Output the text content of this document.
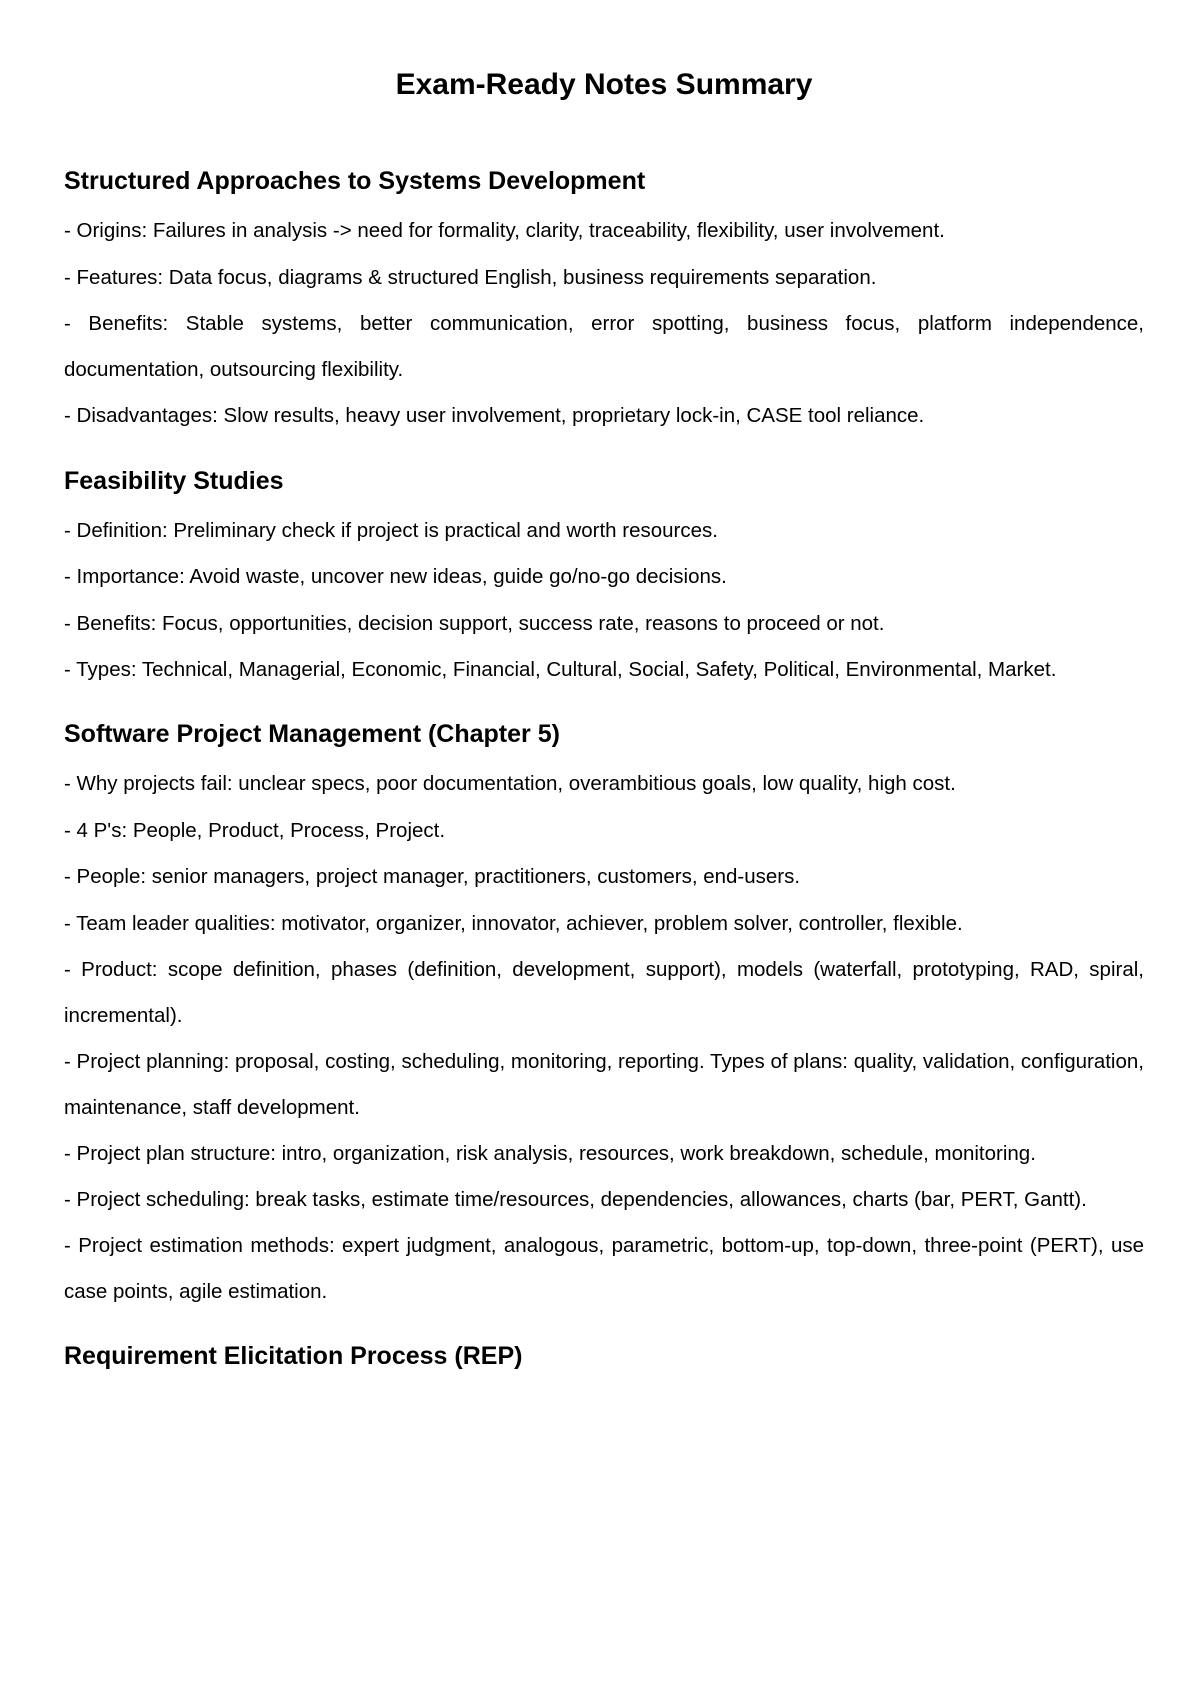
Exam-Ready Notes Summary
Structured Approaches to Systems Development

- Origins: Failures in analysis -> need for formality, clarity, traceability, flexibility, user involvement.

- Features: Data focus, diagrams & structured English, business requirements separation.

- Benefits: Stable systems, better communication, error spotting, business focus, platform independence, documentation, outsourcing flexibility.

- Disadvantages: Slow results, heavy user involvement, proprietary lock-in, CASE tool reliance.

Feasibility Studies

- Definition: Preliminary check if project is practical and worth resources.

- Importance: Avoid waste, uncover new ideas, guide go/no-go decisions.

- Benefits: Focus, opportunities, decision support, success rate, reasons to proceed or not.

- Types: Technical, Managerial, Economic, Financial, Cultural, Social, Safety, Political, Environmental, Market.

Software Project Management (Chapter 5)

- Why projects fail: unclear specs, poor documentation, overambitious goals, low quality, high cost.

- 4 P's: People, Product, Process, Project.

- People: senior managers, project manager, practitioners, customers, end-users.

- Team leader qualities: motivator, organizer, innovator, achiever, problem solver, controller, flexible.

- Product: scope definition, phases (definition, development, support), models (waterfall, prototyping, RAD, spiral, incremental).

- Project planning: proposal, costing, scheduling, monitoring, reporting. Types of plans: quality, validation, configuration, maintenance, staff development.

- Project plan structure: intro, organization, risk analysis, resources, work breakdown, schedule, monitoring.

- Project scheduling: break tasks, estimate time/resources, dependencies, allowances, charts (bar, PERT, Gantt).

- Project estimation methods: expert judgment, analogous, parametric, bottom-up, top-down, three-point (PERT), use case points, agile estimation.

Requirement Elicitation Process (REP)
